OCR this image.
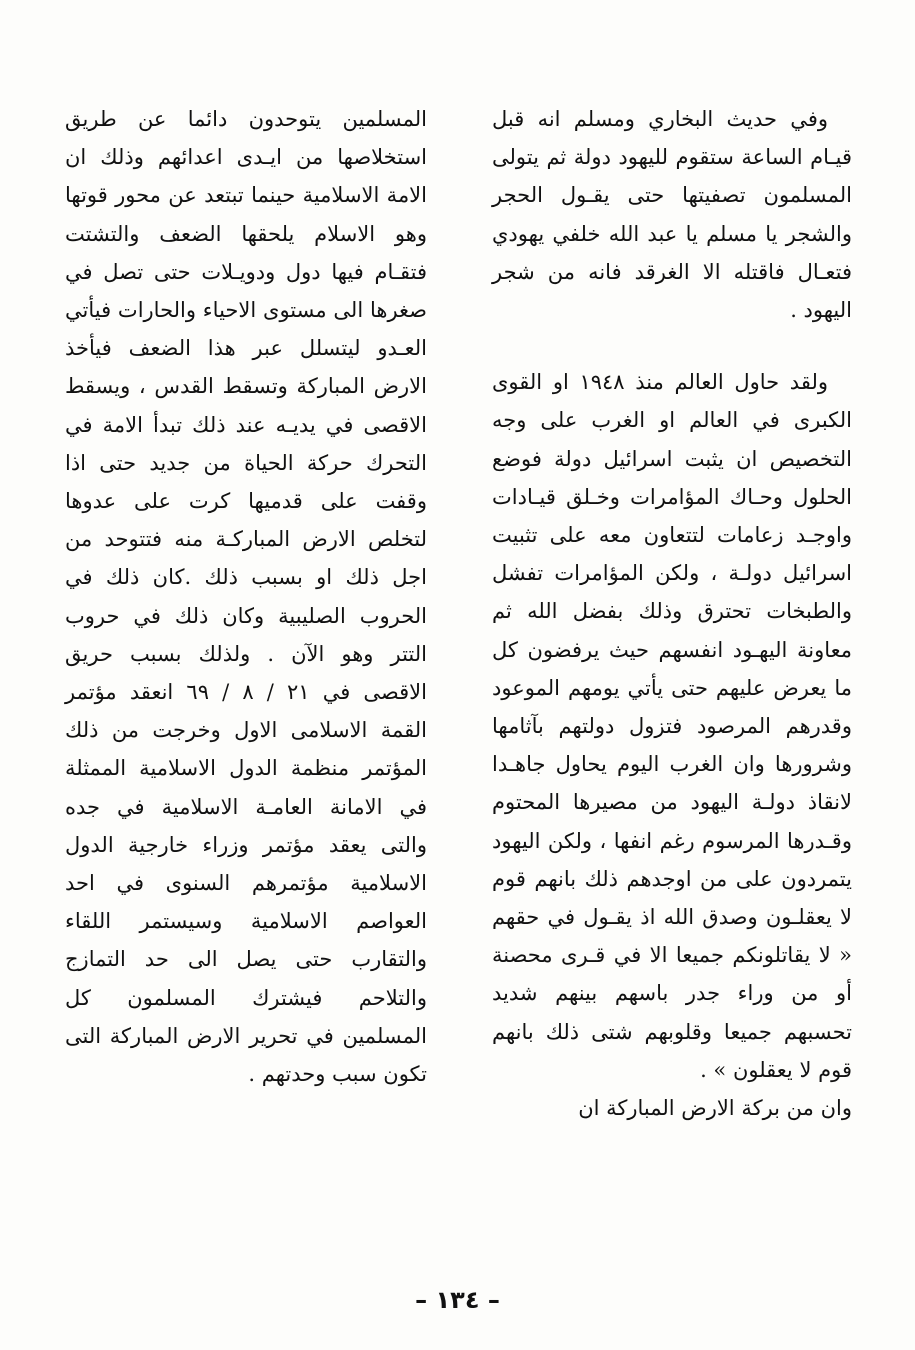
وفي حديث البخاري ومسلم انه قبل قيـام الساعة ستقوم لليهود دولة ثم يتولى المسلمون تصفيتها حتى يقـول الحجر والشجر يا مسلم يا عبد الله خلفي يهودي فتعـال فاقتله الا الغرقد فانه من شجر اليهود .

ولقد حاول العالم منذ ١٩٤٨ او القوى الكبرى في العالم او الغرب على وجه التخصيص ان يثبت اسرائيل دولة فوضع الحلول وحـاك المؤامرات وخـلق قيـادات واوجـد زعامات لتتعاون معه على تثبيت اسرائيل دولـة ، ولكن المؤامرات تفشل والطبخات تحترق وذلك بفضل الله ثم معاونة اليهـود انفسهم حيث يرفضون كل ما يعرض عليهم حتى يأتي يومهم الموعود وقدرهم المرصود فتزول دولتهم بآثامها وشرورها وان الغرب اليوم يحاول جاهـدا لانقاذ دولـة اليهود من مصيرها المحتوم وقـدرها المرسوم رغم انفها ، ولكن اليهود يتمردون على من اوجدهم ذلك بانهم قوم لا يعقلـون وصدق الله اذ يقـول في حقهم « لا يقاتلونكم جميعا الا في قـرى محصنة أو من وراء جدر باسهم بينهم شديد تحسبهم جميعا وقلوبهم شتى ذلك بانهم قوم لا يعقلون » .

وان من بركة الارض المباركة ان

المسلمين يتوحدون دائما عن طريق استخلاصها من ايـدى اعدائهم وذلك ان الامة الاسلامية حينما تبتعد عن محور قوتها وهو الاسلام يلحقها الضعف والتشتت فتقـام فيها دول ودويـلات حتى تصل في صغرها الى مستوى الاحياء والحارات فيأتي العـدو ليتسلل عبر هذا الضعف فيأخذ الارض المباركة وتسقط القدس ، ويسقط الاقصى في يديـه عند ذلك تبدأ الامة في التحرك حركة الحياة من جديد حتى اذا وقفت على قدميها كرت على عدوها لتخلص الارض المباركـة منه فتتوحد من اجل ذلك او بسبب ذلك .كان ذلك في الحروب الصليبية وكان ذلك في حروب التتر وهو الآن . ولذلك بسبب حريق الاقصى في ٢١ / ٨ / ٦٩ انعقد مؤتمر القمة الاسلامى الاول وخرجت من ذلك المؤتمر منظمة الدول الاسلامية الممثلة في الامانة العامـة الاسلامية في جده والتى يعقد مؤتمر وزراء خارجية الدول الاسلامية مؤتمرهم السنوى في احد العواصم الاسلامية وسيستمر اللقاء والتقارب حتى يصل الى حد التمازج والتلاحم فيشترك المسلمون كل المسلمين في تحرير الارض المباركة التى تكون سبب وحدتهم .

– ١٣٤ –
